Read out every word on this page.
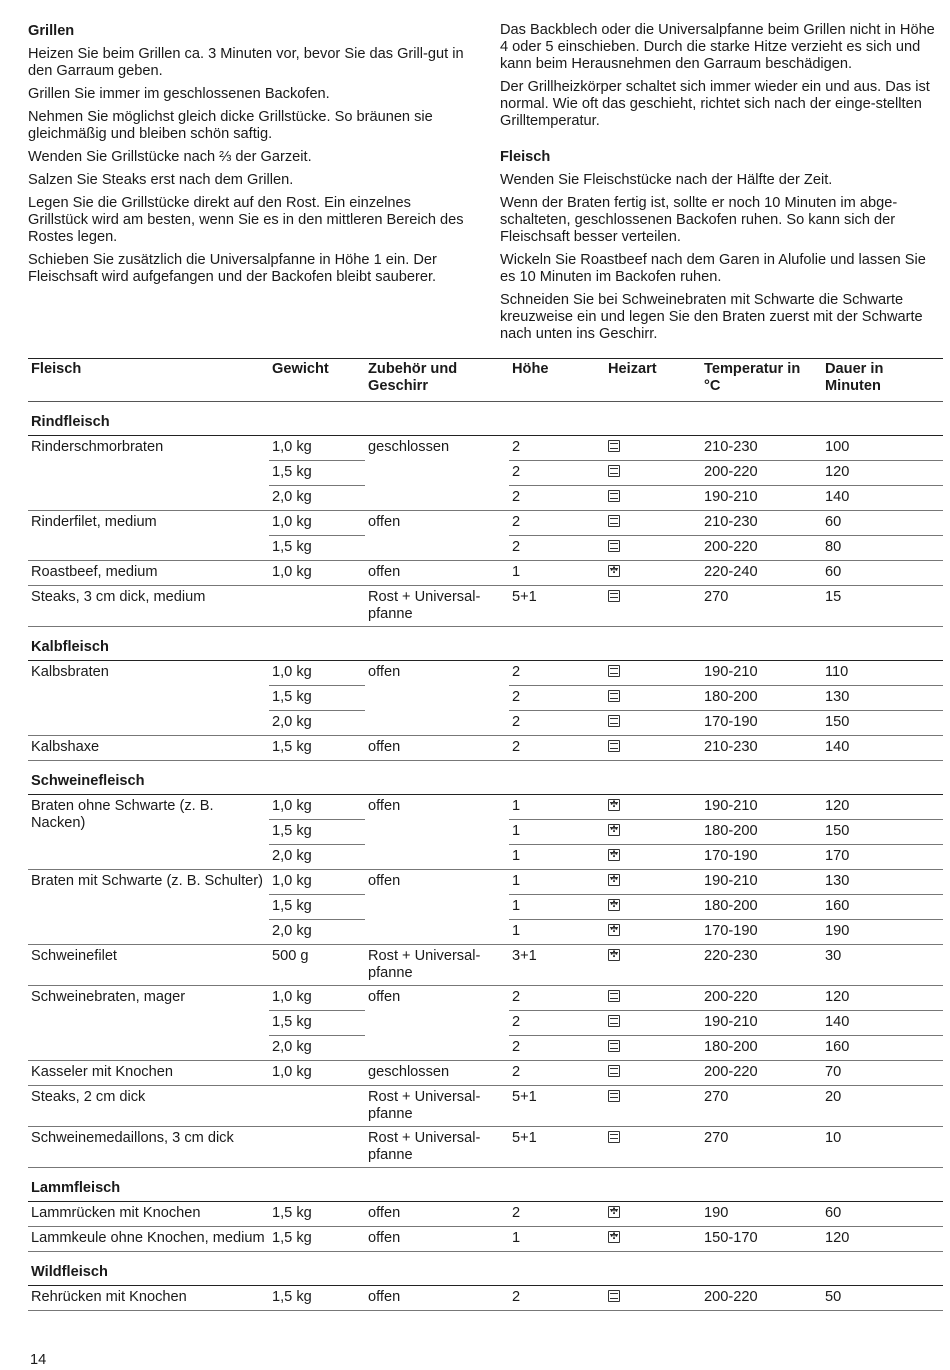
Grillen

Heizen Sie beim Grillen ca. 3 Minuten vor, bevor Sie das Grill-gut in den Garraum geben.

Grillen Sie immer im geschlossenen Backofen.

Nehmen Sie möglichst gleich dicke Grillstücke. So bräunen sie gleichmäßig und bleiben schön saftig.

Wenden Sie Grillstücke nach ⅔ der Garzeit.

Salzen Sie Steaks erst nach dem Grillen.

Legen Sie die Grillstücke direkt auf den Rost. Ein einzelnes Grillstück wird am besten, wenn Sie es in den mittleren Bereich des Rostes legen.

Schieben Sie zusätzlich die Universalpfanne in Höhe 1 ein. Der Fleischsaft wird aufgefangen und der Backofen bleibt sauberer.

Das Backblech oder die Universalpfanne beim Grillen nicht in Höhe 4 oder 5 einschieben. Durch die starke Hitze verzieht es sich und kann beim Herausnehmen den Garraum beschädigen.

Der Grillheizkörper schaltet sich immer wieder ein und aus. Das ist normal. Wie oft das geschieht, richtet sich nach der einge-stellten Grilltemperatur.

Fleisch

Wenden Sie Fleischstücke nach der Hälfte der Zeit.

Wenn der Braten fertig ist, sollte er noch 10 Minuten im abge-schalteten, geschlossenen Backofen ruhen. So kann sich der Fleischsaft besser verteilen.

Wickeln Sie Roastbeef nach dem Garen in Alufolie und lassen Sie es 10 Minuten im Backofen ruhen.

Schneiden Sie bei Schweinebraten mit Schwarte die Schwarte kreuzweise ein und legen Sie den Braten zuerst mit der Schwarte nach unten ins Geschirr.

Fleisch	Gewicht	Zubehör und Geschirr	Höhe	Heizart	Temperatur in °C	Dauer in Minuten
Rindfleisch						
Rinderschmorbraten	1,0 kg	geschlossen	2		210-230	100
	1,5 kg		2		200-220	120
	2,0 kg		2		190-210	140
Rinderfilet, medium	1,0 kg	offen	2		210-230	60
	1,5 kg		2		200-220	80
Roastbeef, medium	1,0 kg	offen	1	✣	220-240	60
Steaks, 3 cm dick, medium		Rost + Universal-pfanne	5+1		270	15
Kalbfleisch						
Kalbsbraten	1,0 kg	offen	2		190-210	110
	1,5 kg		2		180-200	130
	2,0 kg		2		170-190	150
Kalbshaxe	1,5 kg	offen	2		210-230	140
Schweinefleisch						
Braten ohne Schwarte (z. B. Nacken)	1,0 kg	offen	1	✣	190-210	120
	1,5 kg		1	✣	180-200	150
	2,0 kg		1	✣	170-190	170
Braten mit Schwarte (z. B. Schulter)	1,0 kg	offen	1	✣	190-210	130
	1,5 kg		1	✣	180-200	160
	2,0 kg		1	✣	170-190	190
Schweinefilet	500 g	Rost + Universal-pfanne	3+1	✣	220-230	30
Schweinebraten, mager	1,0 kg	offen	2		200-220	120
	1,5 kg		2		190-210	140
	2,0 kg		2		180-200	160
Kasseler mit Knochen	1,0 kg	geschlossen	2		200-220	70
Steaks, 2 cm dick		Rost + Universal-pfanne	5+1		270	20
Schweinemedaillons, 3 cm dick		Rost + Universal-pfanne	5+1		270	10
Lammfleisch						
Lammrücken mit Knochen	1,5 kg	offen	2	✣	190	60
Lammkeule ohne Knochen, medium	1,5 kg	offen	1	✣	150-170	120
Wildfleisch						
Rehrücken mit Knochen	1,5 kg	offen	2		200-220	50
14
